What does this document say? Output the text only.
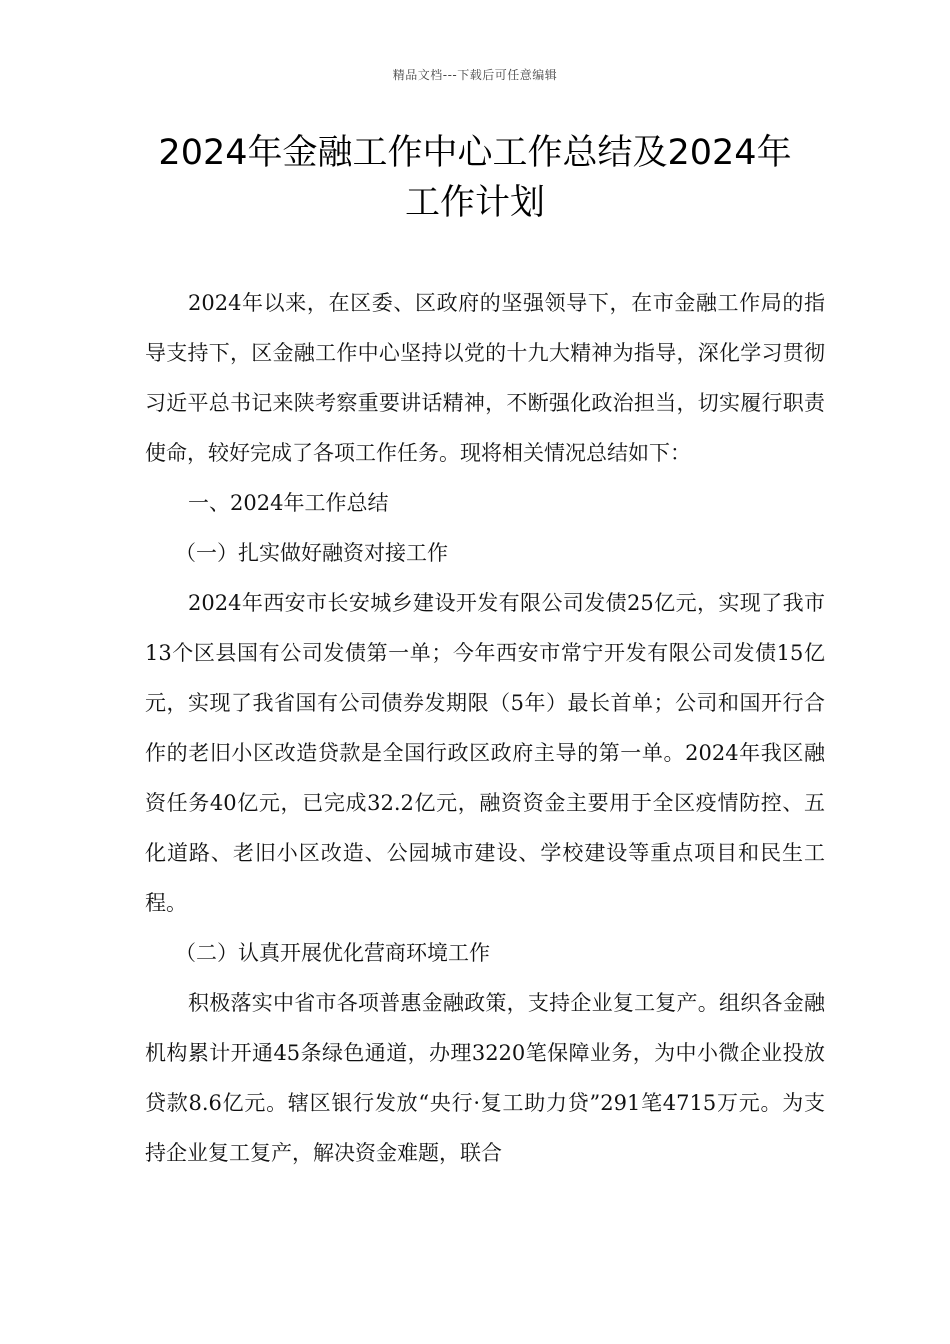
精品文档---下载后可任意编辑
2024年金融工作中心工作总结及2024年工作计划

2024年以来，在区委、区政府的坚强领导下，在市金融工作局的指导支持下，区金融工作中心坚持以党的十九大精神为指导，深化学习贯彻习近平总书记来陕考察重要讲话精神，不断强化政治担当，切实履行职责使命，较好完成了各项工作任务。现将相关情况总结如下：

一、2024年工作总结

（一）扎实做好融资对接工作

2024年西安市长安城乡建设开发有限公司发债25亿元，实现了我市13个区县国有公司发债第一单；今年西安市常宁开发有限公司发债15亿元，实现了我省国有公司债券发期限（5年）最长首单；公司和国开行合作的老旧小区改造贷款是全国行政区政府主导的第一单。2024年我区融资任务40亿元，已完成32.2亿元，融资资金主要用于全区疫情防控、五化道路、老旧小区改造、公园城市建设、学校建设等重点项目和民生工程。

（二）认真开展优化营商环境工作

积极落实中省市各项普惠金融政策，支持企业复工复产。组织各金融机构累计开通45条绿色通道，办理3220笔保障业务，为中小微企业投放贷款8.6亿元。辖区银行发放“央行·复工助力贷”291笔4715万元。为支持企业复工复产，解决资金难题，联合
